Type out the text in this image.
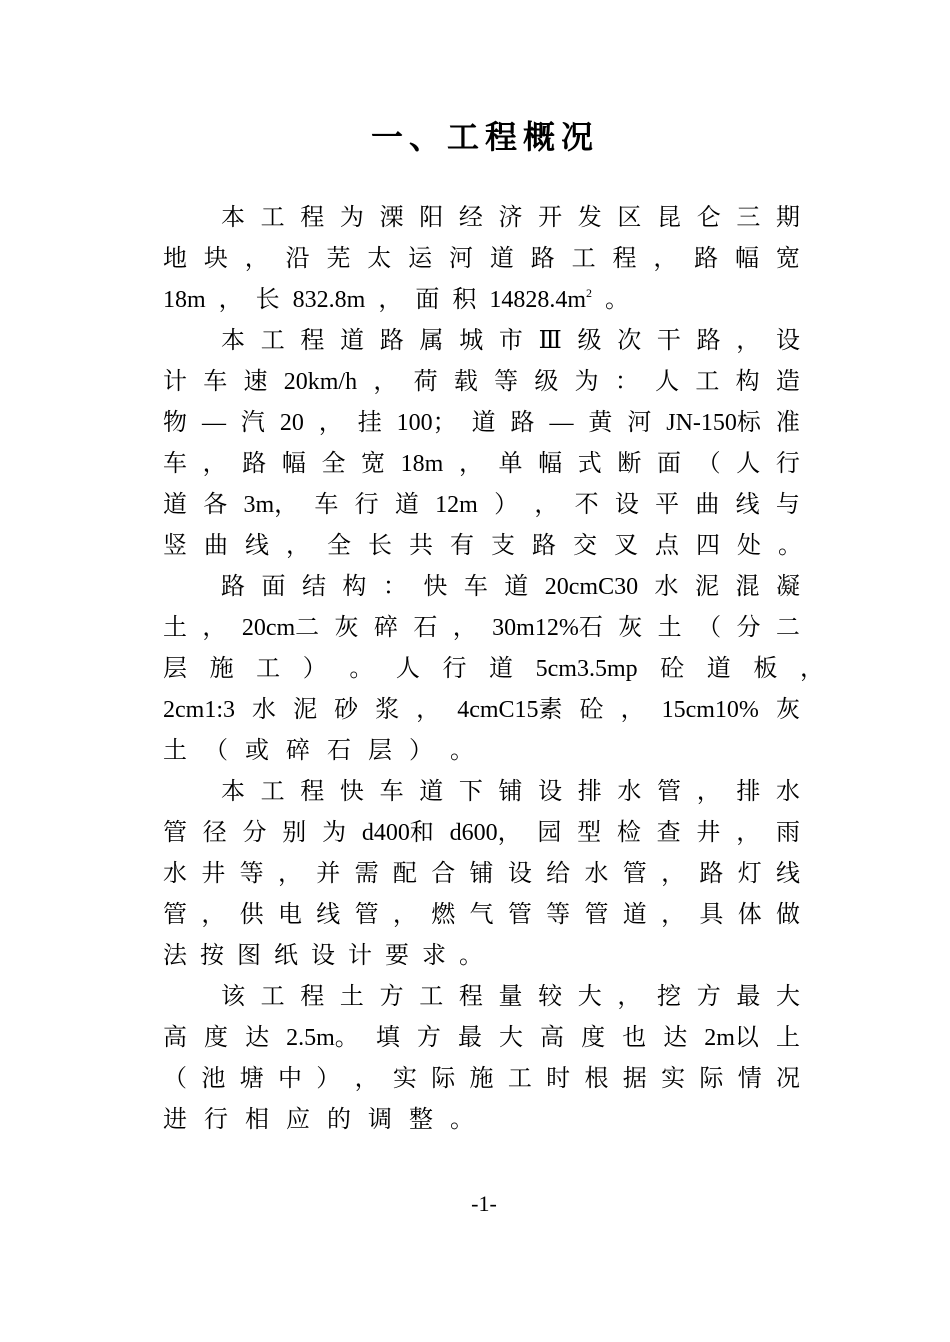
一、工程概况

本 工 程 为 溧 阳 经 济 开 发 区 昆 仑 三 期

地 块 ， 沿 芜 太 运 河 道 路 工 程 ， 路 幅 宽

18m ， 长 832.8m ， 面 积 $14828.4m^2$ 。

本 工 程 道 路 属 城 市 Ⅲ 级 次 干 路 ， 设

计 车 速 20km/h ， 荷 载 等 级 为 ： 人 工 构 造

物 — 汽 20 ， 挂 100； 道 路 — 黄 河 JN-150标 准

车 ， 路 幅 全 宽 18m ， 单 幅 式 断 面 （ 人 行

道 各 3m， 车 行 道 12m ） ， 不 设 平 曲 线 与

竖 曲 线 ， 全 长 共 有 支 路 交 叉 点 四 处 。

路 面 结 构 ： 快 车 道 20cmC30 水 泥 混 凝

土 ， 20cm二 灰 碎 石 ， 30m12%石 灰 土 （ 分 二

层 施 工 ） 。 人 行 道 5cm3.5mp 砼 道 板 ，

2cm1:3 水 泥 砂 浆 ， 4cmC15素 砼 ， 15cm10% 灰

土 （ 或 碎 石 层 ） 。

本 工 程 快 车 道 下 铺 设 排 水 管 ， 排 水

管 径 分 别 为 d400和 d600， 园 型 检 查 井 ， 雨

水 井 等 ， 并 需 配 合 铺 设 给 水 管 ， 路 灯 线

管 ， 供 电 线 管 ， 燃 气 管 等 管 道 ， 具 体 做

法 按 图 纸 设 计 要 求 。

该 工 程 土 方 工 程 量 较 大 ， 挖 方 最 大

高 度 达 2.5m。 填 方 最 大 高 度 也 达 2m以 上

（ 池 塘 中 ） ， 实 际 施 工 时 根 据 实 际 情 况

进 行 相 应 的 调 整 。

-1-
